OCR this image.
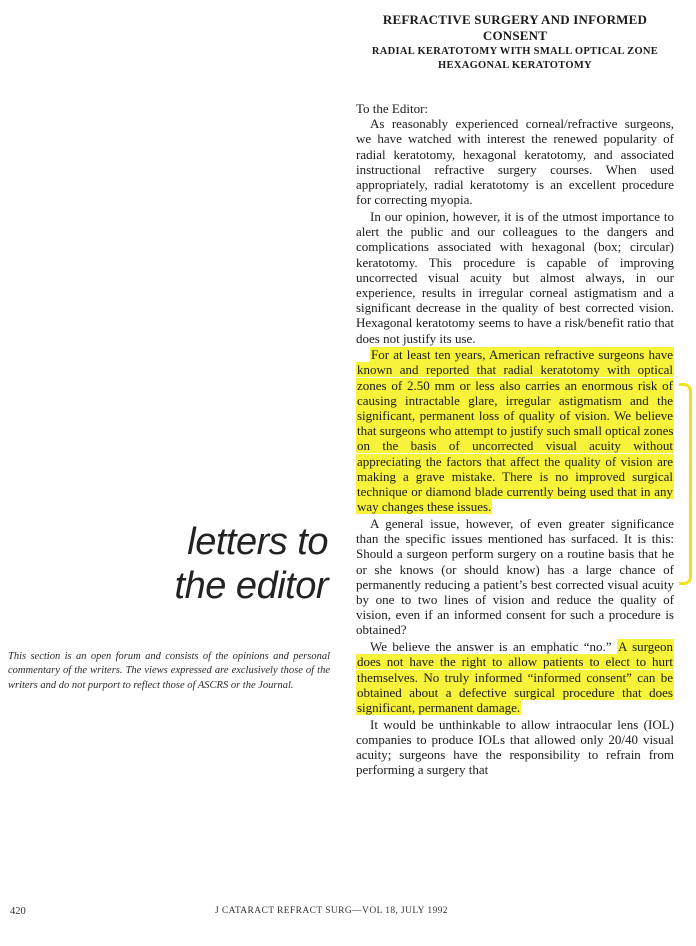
letters to
the editor
This section is an open forum and consists of the opinions and personal commentary of the writers. The views expressed are exclusively those of the writers and do not purport to reflect those of ASCRS or the Journal.
REFRACTIVE SURGERY AND INFORMED CONSENT
RADIAL KERATOTOMY WITH SMALL OPTICAL ZONE HEXAGONAL KERATOTOMY
To the Editor:

As reasonably experienced corneal/refractive surgeons, we have watched with interest the renewed popularity of radial keratotomy, hexagonal keratotomy, and associated instructional refractive surgery courses. When used appropriately, radial keratotomy is an excellent procedure for correcting myopia.

In our opinion, however, it is of the utmost importance to alert the public and our colleagues to the dangers and complications associated with hexagonal (box; circular) keratotomy. This procedure is capable of improving uncorrected visual acuity but almost always, in our experience, results in irregular corneal astigmatism and a significant decrease in the quality of best corrected vision. Hexagonal keratotomy seems to have a risk/benefit ratio that does not justify its use.

For at least ten years, American refractive surgeons have known and reported that radial keratotomy with optical zones of 2.50 mm or less also carries an enormous risk of causing intractable glare, irregular astigmatism and the significant, permanent loss of quality of vision. We believe that surgeons who attempt to justify such small optical zones on the basis of uncorrected visual acuity without appreciating the factors that affect the quality of vision are making a grave mistake. There is no improved surgical technique or diamond blade currently being used that in any way changes these issues.

A general issue, however, of even greater significance than the specific issues mentioned has surfaced. It is this: Should a surgeon perform surgery on a routine basis that he or she knows (or should know) has a large chance of permanently reducing a patient’s best corrected visual acuity by one to two lines of vision and reduce the quality of vision, even if an informed consent for such a procedure is obtained?

We believe the answer is an emphatic “no.” A surgeon does not have the right to allow patients to elect to hurt themselves. No truly informed “informed consent” can be obtained about a defective surgical procedure that does significant, permanent damage.

It would be unthinkable to allow intraocular lens (IOL) companies to produce IOLs that allowed only 20/40 visual acuity; surgeons have the responsibility to refrain from performing a surgery that

420	J CATARACT REFRACT SURG—VOL 18, JULY 1992
